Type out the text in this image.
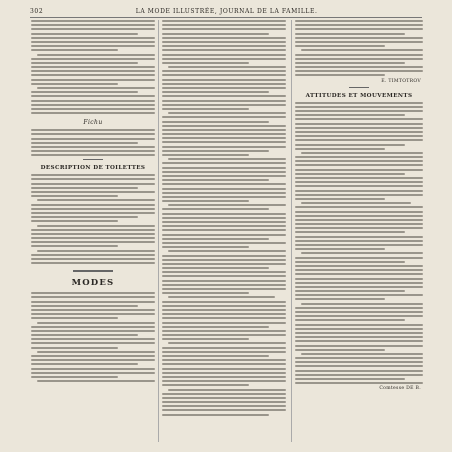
302	LA MODE ILLUSTRÉE, JOURNAL DE LA FAMILLE.
Fichu
DESCRIPTION DE TOILETTES
MODES
E. TIMTOTROV
ATTITUDES ET MOUVEMENTS
Comtesse DE B.
